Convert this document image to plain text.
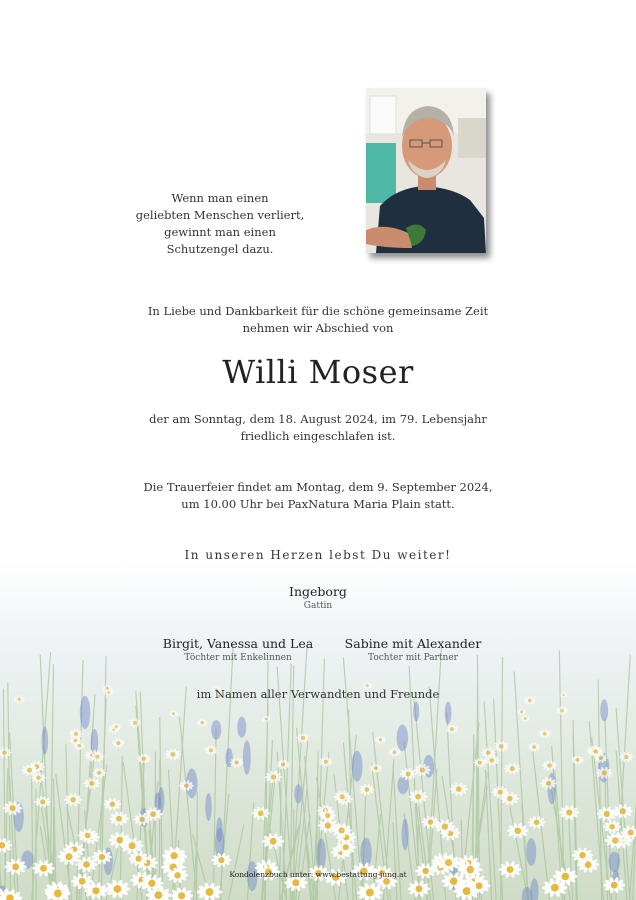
Wenn man einen
geliebten Menschen verliert,
gewinnt man einen
Schutzengel dazu.
In Liebe und Dankbarkeit für die schöne gemeinsame Zeit
nehmen wir Abschied von
Willi Moser
der am Sonntag, dem 18. August 2024, im 79. Lebensjahr
friedlich eingeschlafen ist.
Die Trauerfeier findet am Montag, dem 9. September 2024,
um 10.00 Uhr bei PaxNatura Maria Plain statt.
In unseren Herzen lebst Du weiter!
Ingeborg
Gattin
Birgit, Vanessa und Lea
Töchter mit Enkelinnen
Sabine mit Alexander
Tochter mit Partner
im Namen aller Verwandten und Freunde
Kondolenzbuch unter: www.bestattung-jung.at
